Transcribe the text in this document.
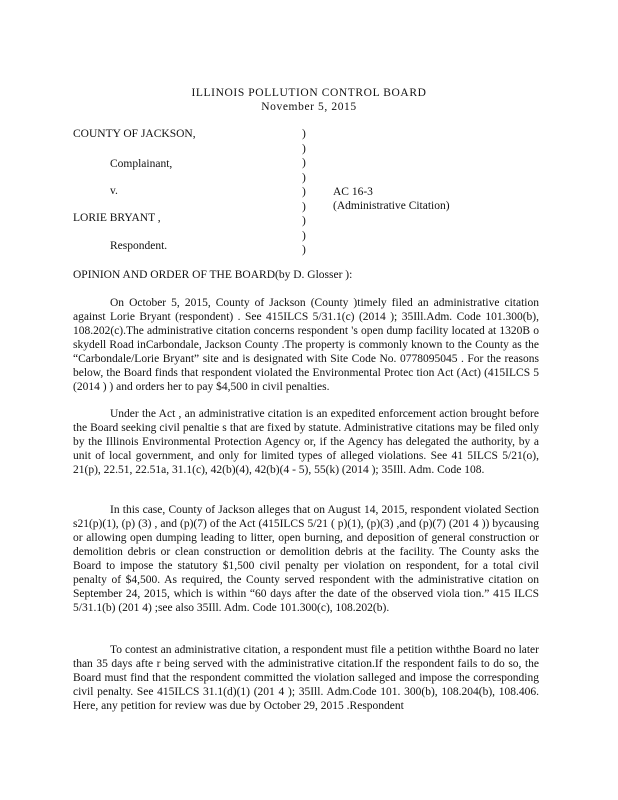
ILLINOIS POLLUTION CONTROL BOARD
November 5, 2015
COUNTY OF JACKSON,
Complainant,
v.
LORIE BRYANT ,
Respondent.
)
)
)
)
)
)
)
)
)
AC 16-3
(Administrative Citation)
OPINION AND ORDER OF THE BOARD(by D. Glosser ):

On October 5, 2015, County of Jackson (County )timely filed an administrative citation against Lorie Bryant (respondent) . See 415ILCS 5/31.1(c) (2014 ); 35Ill.Adm. Code 101.300(b), 108.202(c).The administrative citation concerns respondent 's open dump facility located at 1320B o skydell Road inCarbondale, Jackson County .The property is commonly known to the County as the “Carbondale/Lorie Bryant” site and is designated with Site Code No. 0778095045 . For the reasons below, the Board finds that respondent violated the Environmental Protec tion Act (Act) (415ILCS 5 (2014 ) ) and orders her to pay $4,500 in civil penalties.

Under the Act , an administrative citation is an expedited enforcement action brought before the Board seeking civil penaltie s that are fixed by statute. Administrative citations may be filed only by the Illinois Environmental Protection Agency or, if the Agency has delegated the authority, by a unit of local government, and only for limited types of alleged violations. See 41 5ILCS 5/21(o), 21(p), 22.51, 22.51a, 31.1(c), 42(b)(4), 42(b)(4 - 5), 55(k) (2014 ); 35Ill. Adm. Code 108.

In this case, County of Jackson alleges that on August 14, 2015, respondent violated Section s21(p)(1), (p) (3) , and (p)(7) of the Act (415ILCS 5/21 ( p)(1), (p)(3) ,and (p)(7) (201 4 )) bycausing or allowing open dumping leading to litter, open burning, and deposition of general construction or demolition debris or clean construction or demolition debris at the facility. The County asks the Board to impose the statutory $1,500 civil penalty per violation on respondent, for a total civil penalty of $4,500. As required, the County served respondent with the administrative citation on September 24, 2015, which is within “60 days after the date of the observed viola tion.” 415 ILCS 5/31.1(b) (201 4) ;see also 35Ill. Adm. Code 101.300(c), 108.202(b).

To contest an administrative citation, a respondent must file a petition withthe Board no later than 35 days afte r being served with the administrative citation.If the respondent fails to do so, the Board must find that the respondent committed the violation salleged and impose the corresponding civil penalty. See 415ILCS 31.1(d)(1) (201 4 ); 35Ill. Adm.Code 101. 300(b), 108.204(b), 108.406. Here, any petition for review was due by October 29, 2015 .Respondent
